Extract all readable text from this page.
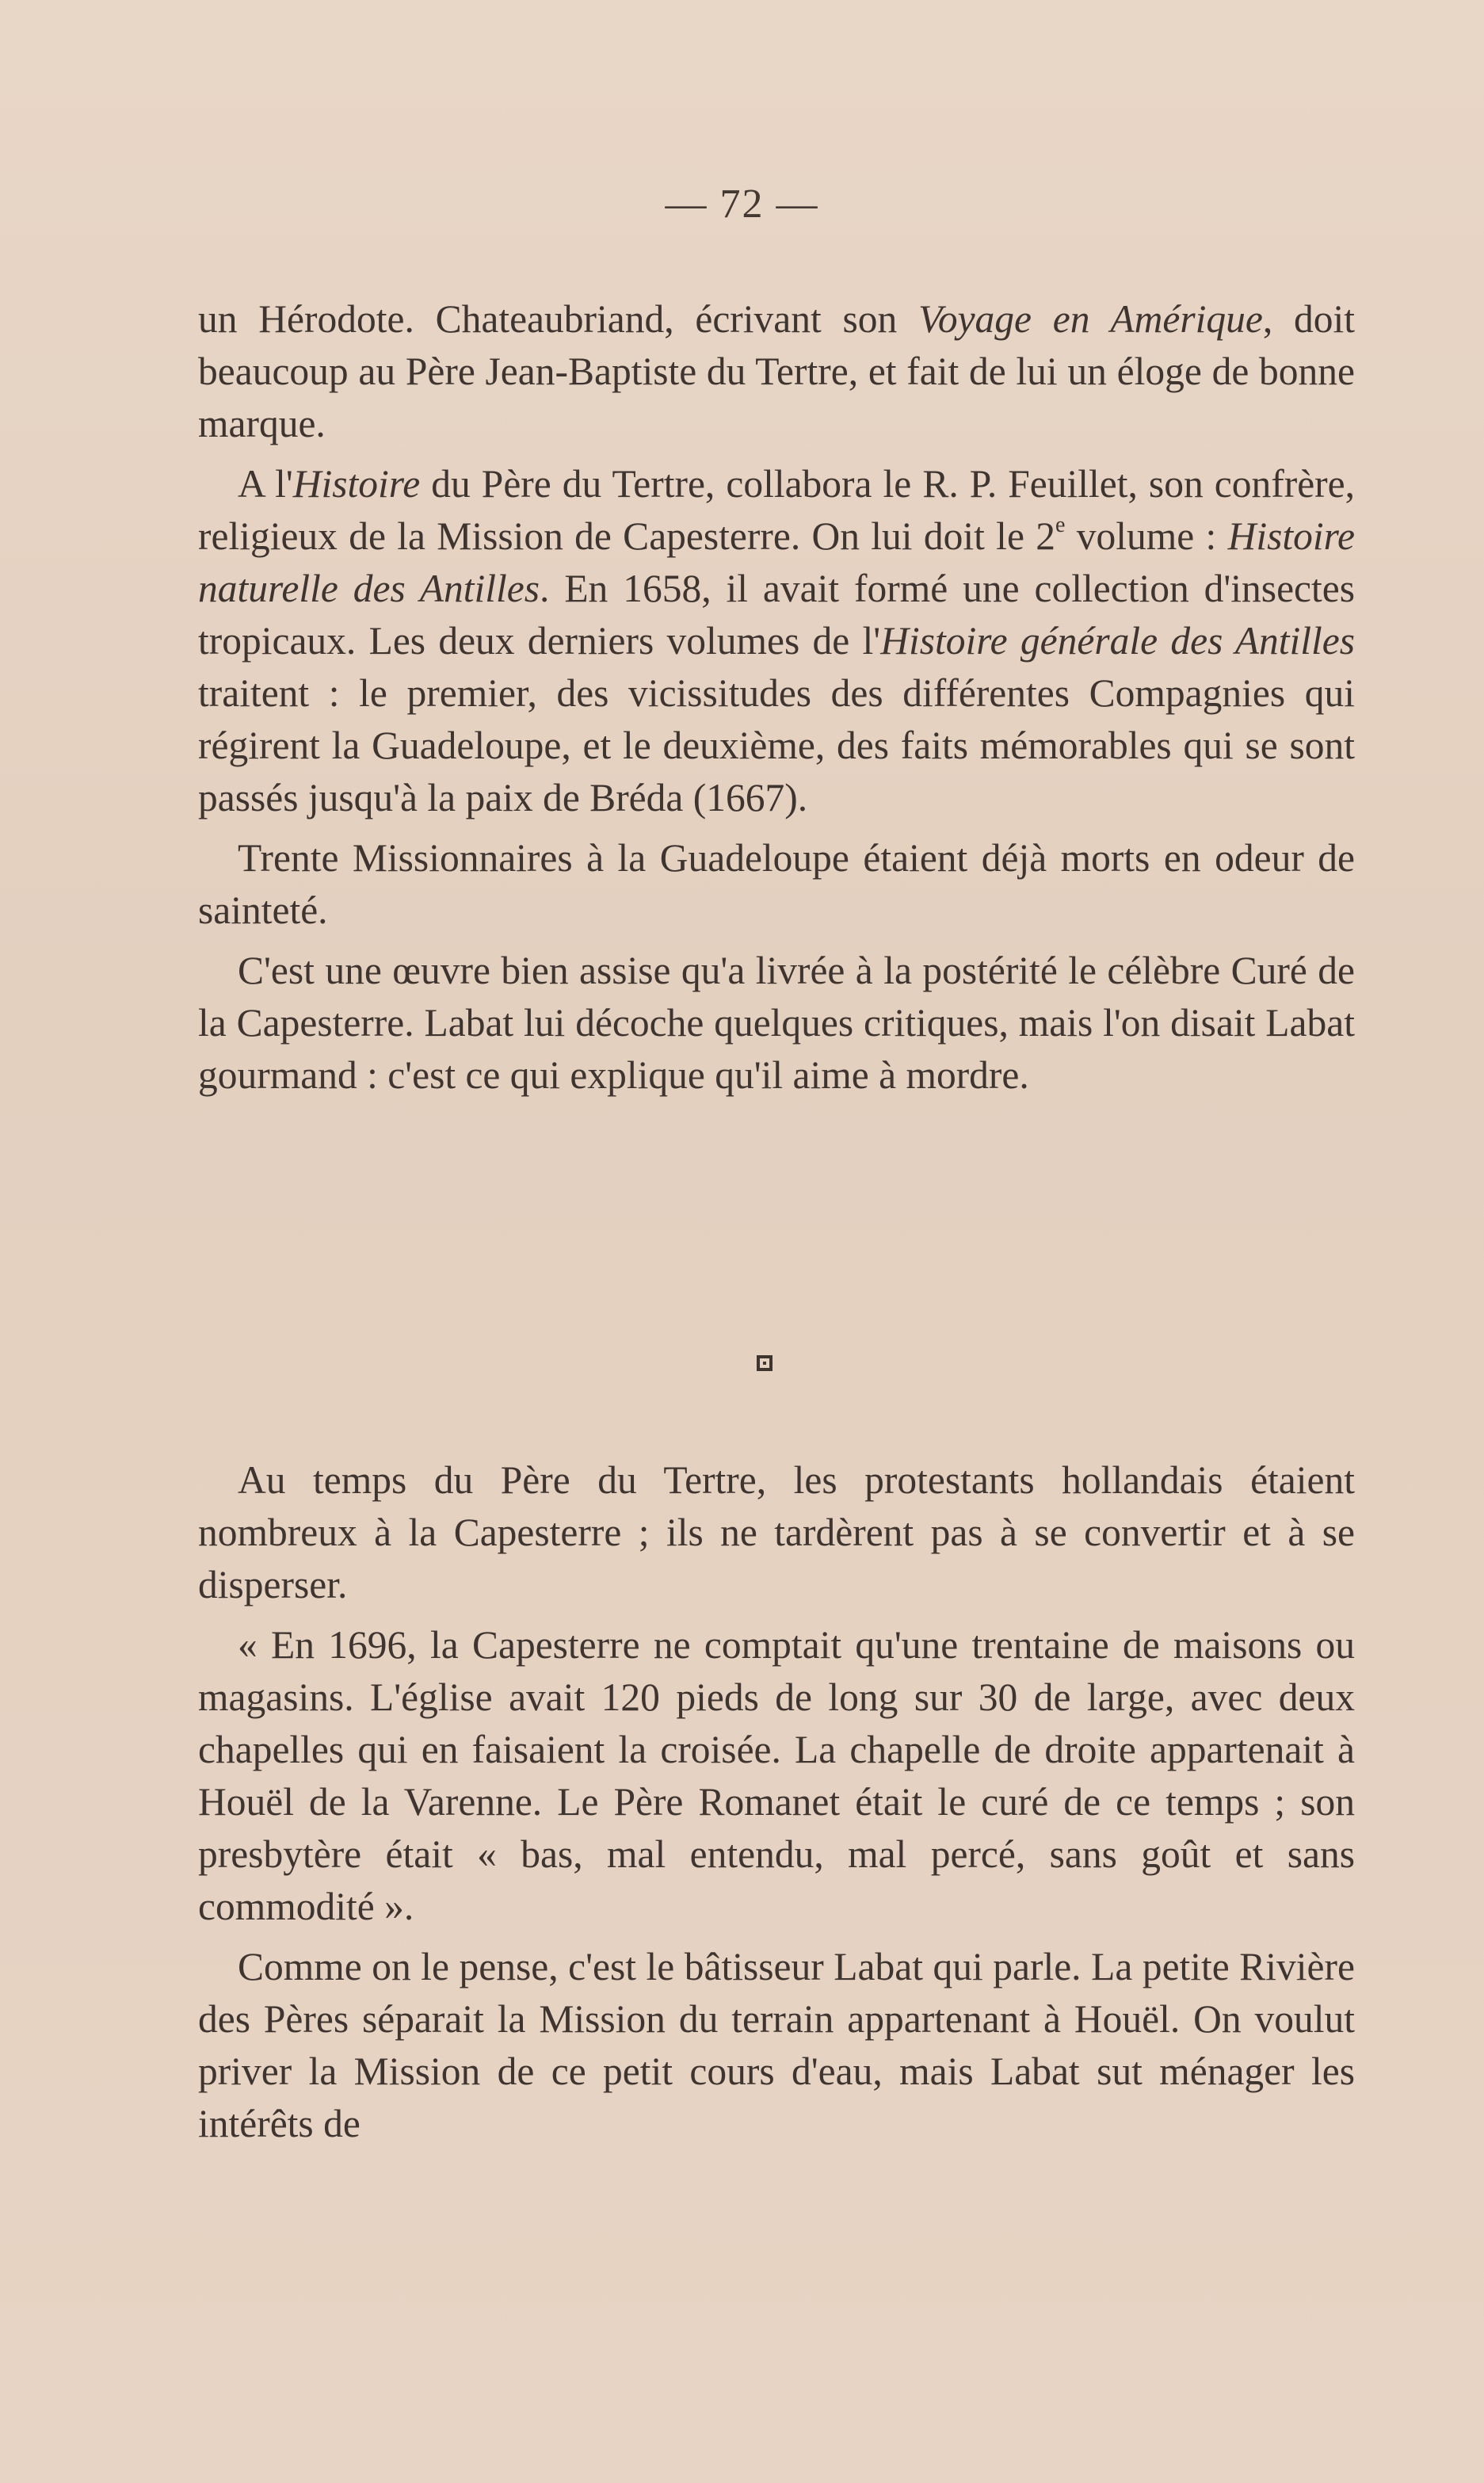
— 72 —

un Hérodote. Chateaubriand, écrivant son Voyage en Amérique, doit beaucoup au Père Jean-Baptiste du Tertre, et fait de lui un éloge de bonne marque.

A l'Histoire du Père du Tertre, collabora le R. P. Feuillet, son confrère, religieux de la Mission de Capesterre. On lui doit le 2e volume : Histoire naturelle des Antilles. En 1658, il avait formé une collection d'insectes tropicaux. Les deux derniers volumes de l'Histoire générale des Antilles traitent : le premier, des vicissitudes des différentes Compagnies qui régirent la Guadeloupe, et le deuxième, des faits mémorables qui se sont passés jusqu'à la paix de Bréda (1667).

Trente Missionnaires à la Guadeloupe étaient déjà morts en odeur de sainteté.

C'est une œuvre bien assise qu'a livrée à la postérité le célèbre Curé de la Capesterre. Labat lui décoche quelques critiques, mais l'on disait Labat gourmand : c'est ce qui explique qu'il aime à mordre.

Au temps du Père du Tertre, les protestants hollandais étaient nombreux à la Capesterre ; ils ne tardèrent pas à se convertir et à se disperser.

« En 1696, la Capesterre ne comptait qu'une trentaine de maisons ou magasins. L'église avait 120 pieds de long sur 30 de large, avec deux chapelles qui en faisaient la croisée. La chapelle de droite appartenait à Houël de la Varenne. Le Père Romanet était le curé de ce temps ; son presbytère était « bas, mal entendu, mal percé, sans goût et sans commodité ».

Comme on le pense, c'est le bâtisseur Labat qui parle. La petite Rivière des Pères séparait la Mission du terrain appartenant à Houël. On voulut priver la Mission de ce petit cours d'eau, mais Labat sut ménager les intérêts de
